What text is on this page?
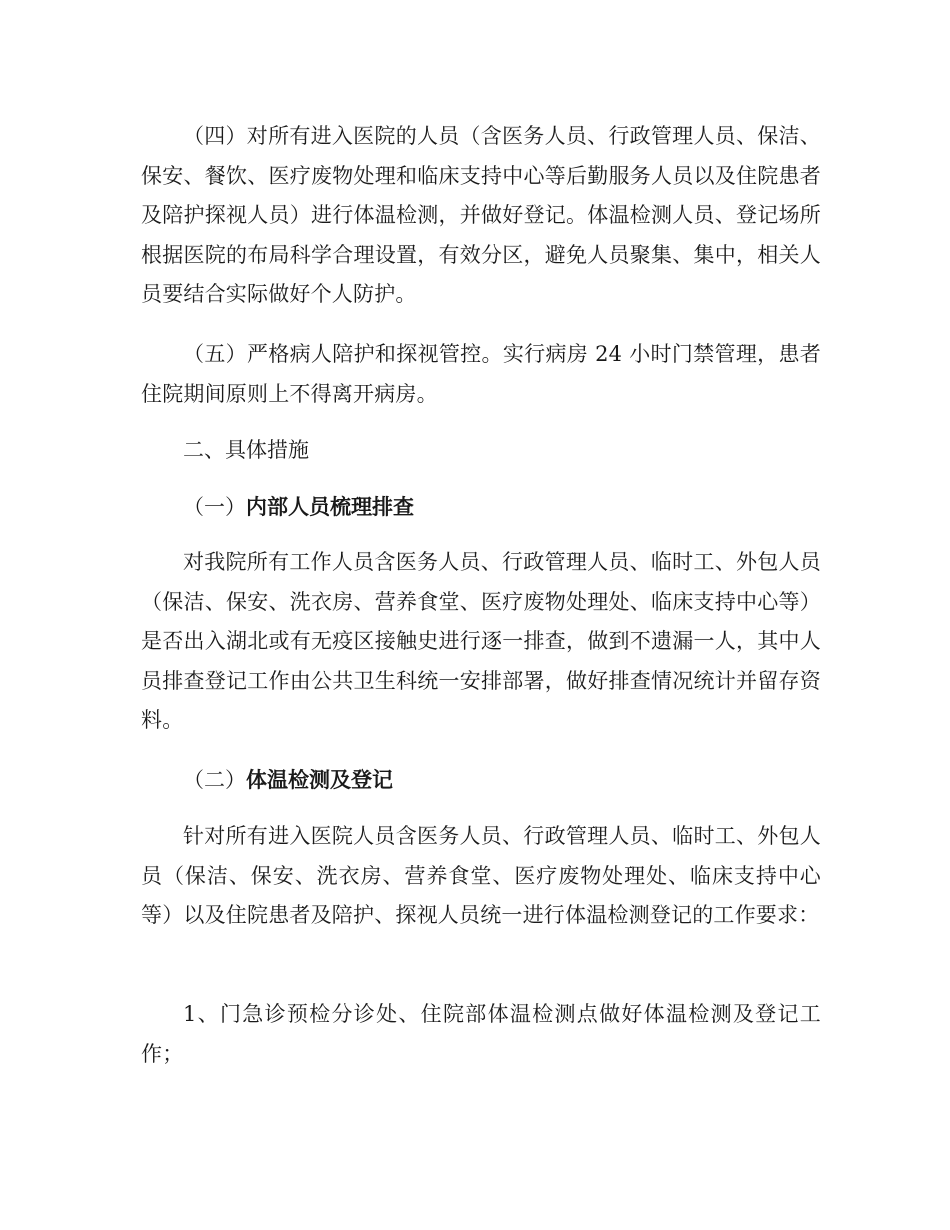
（四）对所有进入医院的人员（含医务人员、行政管理人员、保洁、保安、餐饮、医疗废物处理和临床支持中心等后勤服务人员以及住院患者及陪护探视人员）进行体温检测，并做好登记。体温检测人员、登记场所根据医院的布局科学合理设置，有效分区，避免人员聚集、集中，相关人员要结合实际做好个人防护。

（五）严格病人陪护和探视管控。实行病房 24 小时门禁管理，患者住院期间原则上不得离开病房。

二、具体措施

（一）内部人员梳理排查

对我院所有工作人员含医务人员、行政管理人员、临时工、外包人员（保洁、保安、洗衣房、营养食堂、医疗废物处理处、临床支持中心等）是否出入湖北或有无疫区接触史进行逐一排查，做到不遗漏一人，其中人员排查登记工作由公共卫生科统一安排部署，做好排查情况统计并留存资料。

（二）体温检测及登记

针对所有进入医院人员含医务人员、行政管理人员、临时工、外包人员（保洁、保安、洗衣房、营养食堂、医疗废物处理处、临床支持中心等）以及住院患者及陪护、探视人员统一进行体温检测登记的工作要求：

1、门急诊预检分诊处、住院部体温检测点做好体温检测及登记工作；
